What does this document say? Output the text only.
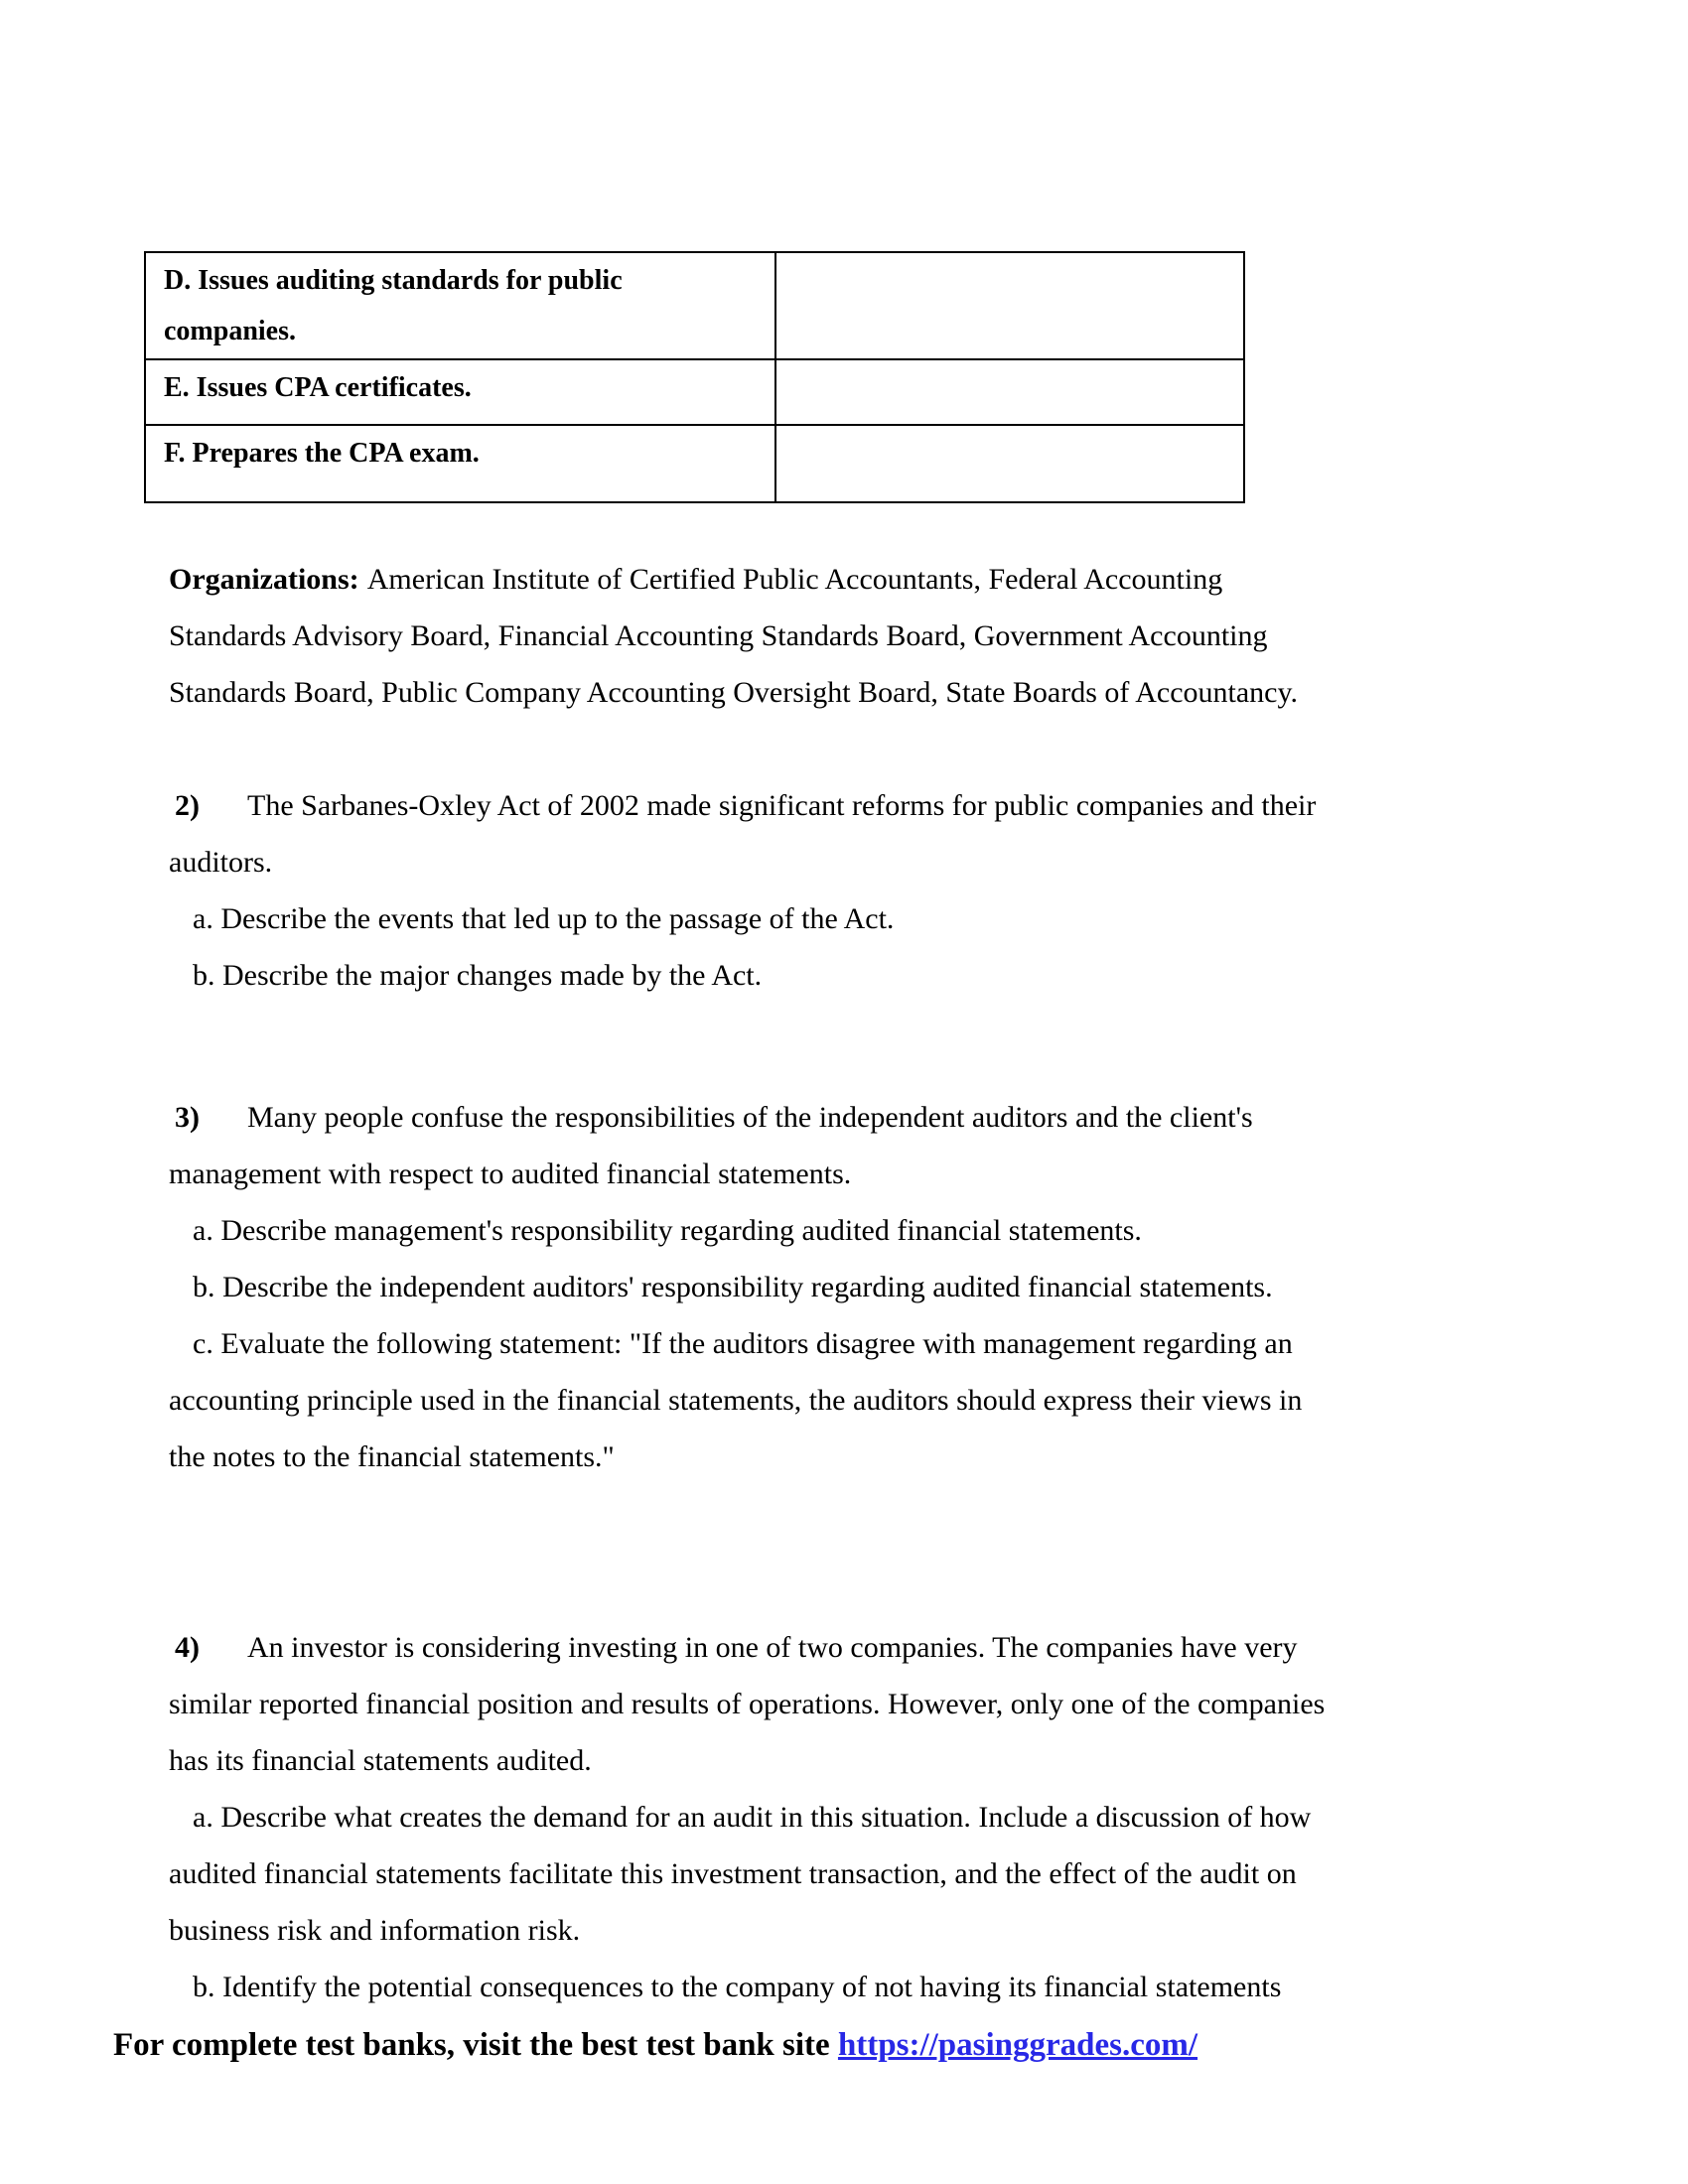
D. Issues auditing standards for public
companies.	

E. Issues CPA certificates.	

F. Prepares the CPA exam.	

Organizations: American Institute of Certified Public Accountants, Federal Accounting
Standards Advisory Board, Financial Accounting Standards Board, Government Accounting
Standards Board, Public Company Accounting Oversight Board, State Boards of Accountancy.
2) The Sarbanes-Oxley Act of 2002 made significant reforms for public companies and their
auditors.
a. Describe the events that led up to the passage of the Act.
b. Describe the major changes made by the Act.
3) Many people confuse the responsibilities of the independent auditors and the client's
management with respect to audited financial statements.
a. Describe management's responsibility regarding audited financial statements.
b. Describe the independent auditors' responsibility regarding audited financial statements.
c. Evaluate the following statement: "If the auditors disagree with management regarding an
accounting principle used in the financial statements, the auditors should express their views in
the notes to the financial statements."
4) An investor is considering investing in one of two companies. The companies have very
similar reported financial position and results of operations. However, only one of the companies
has its financial statements audited.
a. Describe what creates the demand for an audit in this situation. Include a discussion of how
audited financial statements facilitate this investment transaction, and the effect of the audit on
business risk and information risk.
b. Identify the potential consequences to the company of not having its financial statements
For complete test banks, visit the best test bank site https://pasinggrades.com/
